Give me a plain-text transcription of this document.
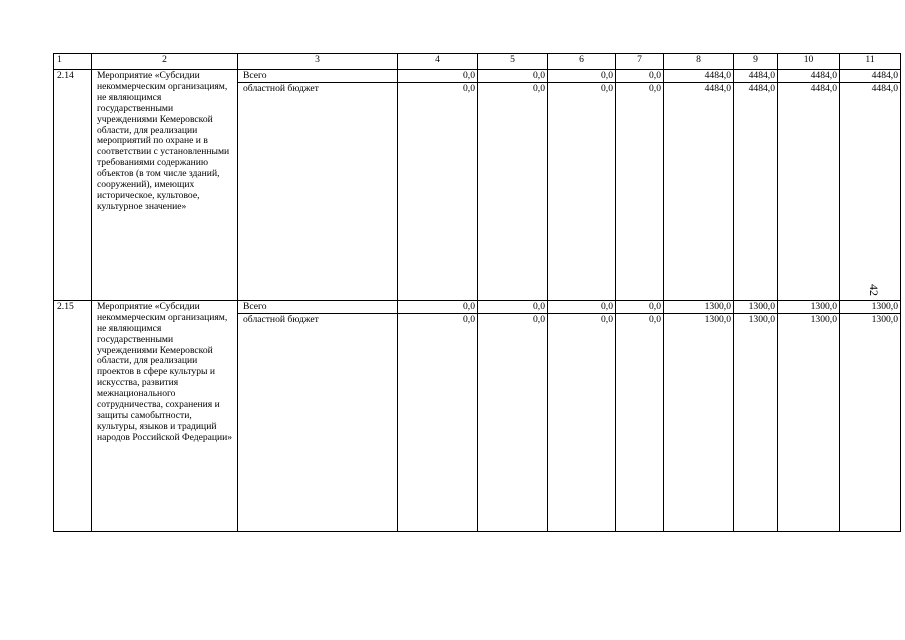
1	2	3	4	5	6	7	8	9	10	11
2.14	Мероприятие «Субсидии некоммерческим организациям, не являющимся государственными учреждениями Кемеровской области, для реализации мероприятий по охране и в соответствии с установленными требованиями содержанию объектов (в том числе зданий, сооружений), имеющих историческое, культовое, культурное значение»	Всего	0,0	0,0	0,0	0,0	4484,0	4484,0	4484,0	4484,0
		областной бюджет	0,0	0,0	0,0	0,0	4484,0	4484,0	4484,0	4484,0
2.15	Мероприятие «Субсидии некоммерческим организациям, не являющимся государственными учреждениями Кемеровской области, для реализации проектов в сфере культуры и искусства, развития межнационального сотрудничества, сохранения и защиты самобытности, культуры, языков и традиций народов Российской Федерации»	Всего	0,0	0,0	0,0	0,0	1300,0	1300,0	1300,0	1300,0
		областной бюджет	0,0	0,0	0,0	0,0	1300,0	1300,0	1300,0	1300,0
42
